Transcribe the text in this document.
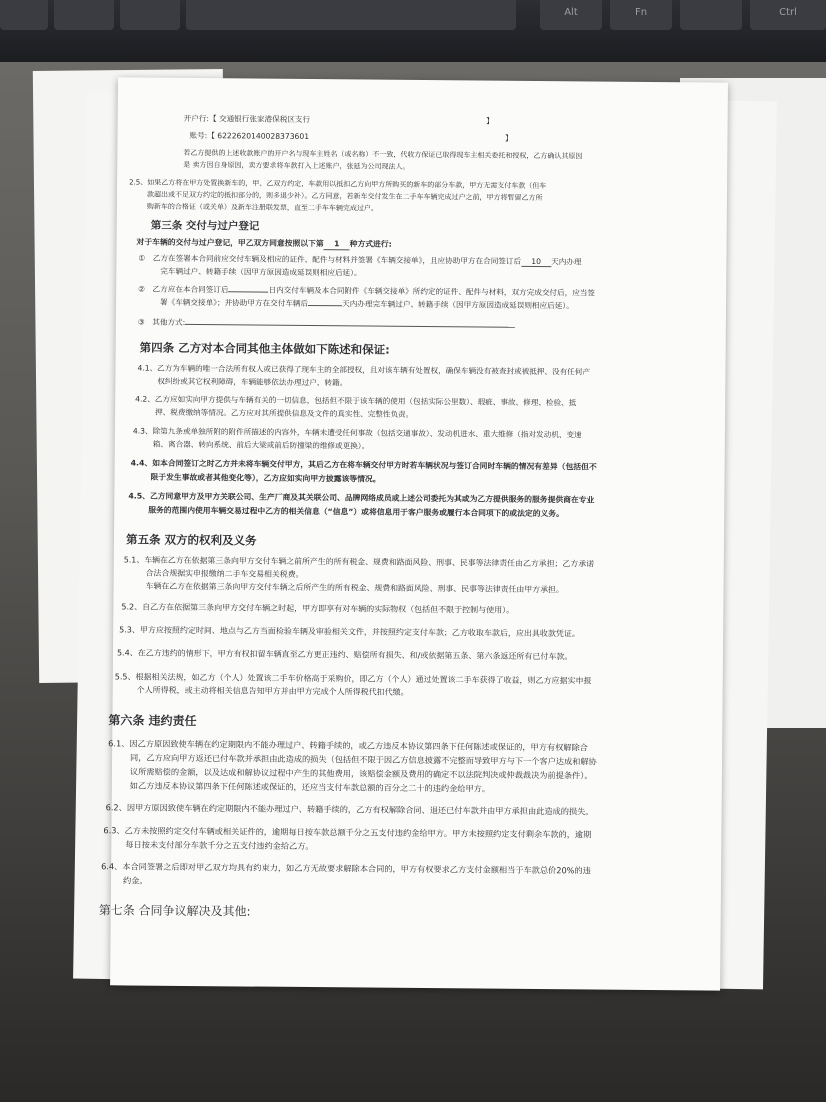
Alt	Fn	Ctrl
开户行:【 交通银行张家港保税区支行	】
账号:【 622262014002837360‌1	】
若乙方提供的上述收款账户的开户名与现车主姓名（或名称）不一致，代收方保证已取得现车主相关委托和授权，乙方确认其原因
是 卖方因自身原因，卖方要求将车款打入上述账户，张延为公司现法人。
2.5、如果乙方将在甲方处置换新车的，甲、乙双方约定，车款用以抵扣乙方向甲方所购买的新车的部分车款，甲方无需支付车款（但车
款超出或不足双方约定的抵扣部分的，则多退少补）。乙方同意，若新车交付发生在二手车车辆完成过户之前，甲方将暂留乙方所
购新车的合格证（或关单）及新车注册联发票，直至二手车车辆完成过户。
第三条 交付与过户登记
对于车辆的交付与过户登记，甲乙双方同意按照以下第 1 种方式进行:
①　乙方在签署本合同前应交付车辆及相应的证件、配件与材料并签署《车辆交接单》，且应协助甲方在合同签订后 10 天内办理
完车辆过户、转籍手续（因甲方原因造成延误则相应后延）。
②　乙方应在本合同签订后	日内交付车辆及本合同附件《车辆交接单》所约定的证件、配件与材料，双方完成交付后，应当签
署《车辆交接单》；并协助甲方在交付车辆后	天内办理完车辆过户、转籍手续（因甲方原因造成延误则相应后延）。
③　其他方式:
第四条 乙方对本合同其他主体做如下陈述和保证:
4.1、乙方为车辆的唯一合法所有权人或已获得了现车主的全部授权，且对该车辆有处置权，确保车辆没有被查封或被抵押、没有任何产
权纠纷或其它权利障碍，车辆能够依法办理过户、转籍。
4.2、乙方应如实向甲方提供与车辆有关的一切信息，包括但不限于该车辆的使用（包括实际公里数）、瑕疵、事故、修理、检验、抵
押、税费缴纳等情况。乙方应对其所提供信息及文件的真实性、完整性负责。
4.3、除第九条或单独所附的附件所描述的内容外，车辆未遭受任何事故（包括交通事故）、发动机进水、重大维修（指对发动机、变速
箱、离合器、转向系统、前后大梁或前后防撞梁的维修或更换）。
4.4、如本合同签订之时乙方并未将车辆交付甲方，其后乙方在将车辆交付甲方时若车辆状况与签订合同时车辆的情况有差异（包括但不
限于发生事故或者其他变化等），乙方应如实向甲方披露该等情况。
4.5、乙方同意甲方及甲方关联公司、生产厂商及其关联公司、品牌网络成员或上述公司委托为其或为乙方提供服务的服务提供商在专业
服务的范围内使用车辆交易过程中乙方的相关信息（“信息”）或将信息用于客户服务或履行本合同项下的或法定的义务。
第五条 双方的权利及义务
5.1、车辆在乙方在依据第三条向甲方交付车辆之前所产生的所有税金、规费和路面风险、刑事、民事等法律责任由乙方承担；乙方承诺
合法合规据实申报缴纳二手车交易相关税费。
车辆在乙方在依据第三条向甲方交付车辆之后所产生的所有税金、规费和路面风险、刑事、民事等法律责任由甲方承担。
5.2、自乙方在依据第三条向甲方交付车辆之时起，甲方即享有对车辆的实际物权（包括但不限于控制与使用）。
5.3、甲方应按照约定时间、地点与乙方当面检验车辆及审验相关文件，并按照约定支付车款；乙方收取车款后，应出具收款凭证。
5.4、在乙方违约的情形下，甲方有权扣留车辆直至乙方更正违约、赔偿所有损失、和/或依据第五条、第六条返还所有已付车款。
5.5、根据相关法规，如乙方（个人）处置该二手车价格高于采购价，即乙方（个人）通过处置该二手车获得了收益，则乙方应据实申报
个人所得税，或主动将相关信息告知甲方并由甲方完成个人所得税代扣代缴。
第六条 违约责任
6.1、因乙方原因致使车辆在约定期限内不能办理过户、转籍手续的，或乙方违反本协议第四条下任何陈述或保证的，甲方有权解除合
同，乙方应向甲方返还已付车款并承担由此造成的损失（包括但不限于因乙方信息披露不完整而导致甲方与下一个客户达成和解协
议所需赔偿的金额，以及达成和解协议过程中产生的其他费用，该赔偿金额及费用的确定不以法院判决或仲裁裁决为前提条件）。
如乙方违反本协议第四条下任何陈述或保证的，还应当支付车款总额的百分之二十的违约金给甲方。
6.2、因甲方原因致使车辆在约定期限内不能办理过户、转籍手续的，乙方有权解除合同、退还已付车款并由甲方承担由此造成的损失。
6.3、乙方未按照约定交付车辆或相关证件的，逾期每日按车款总额千分之五支付违约金给甲方。甲方未按照约定支付剩余车款的，逾期
每日按未支付部分车款千分之五支付违约金给乙方。
6.4、本合同签署之后即对甲乙双方均具有约束力，如乙方无故要求解除本合同的，甲方有权要求乙方支付金额相当于车款总价20%的违
约金。
第七条 合同争议解决及其他:
